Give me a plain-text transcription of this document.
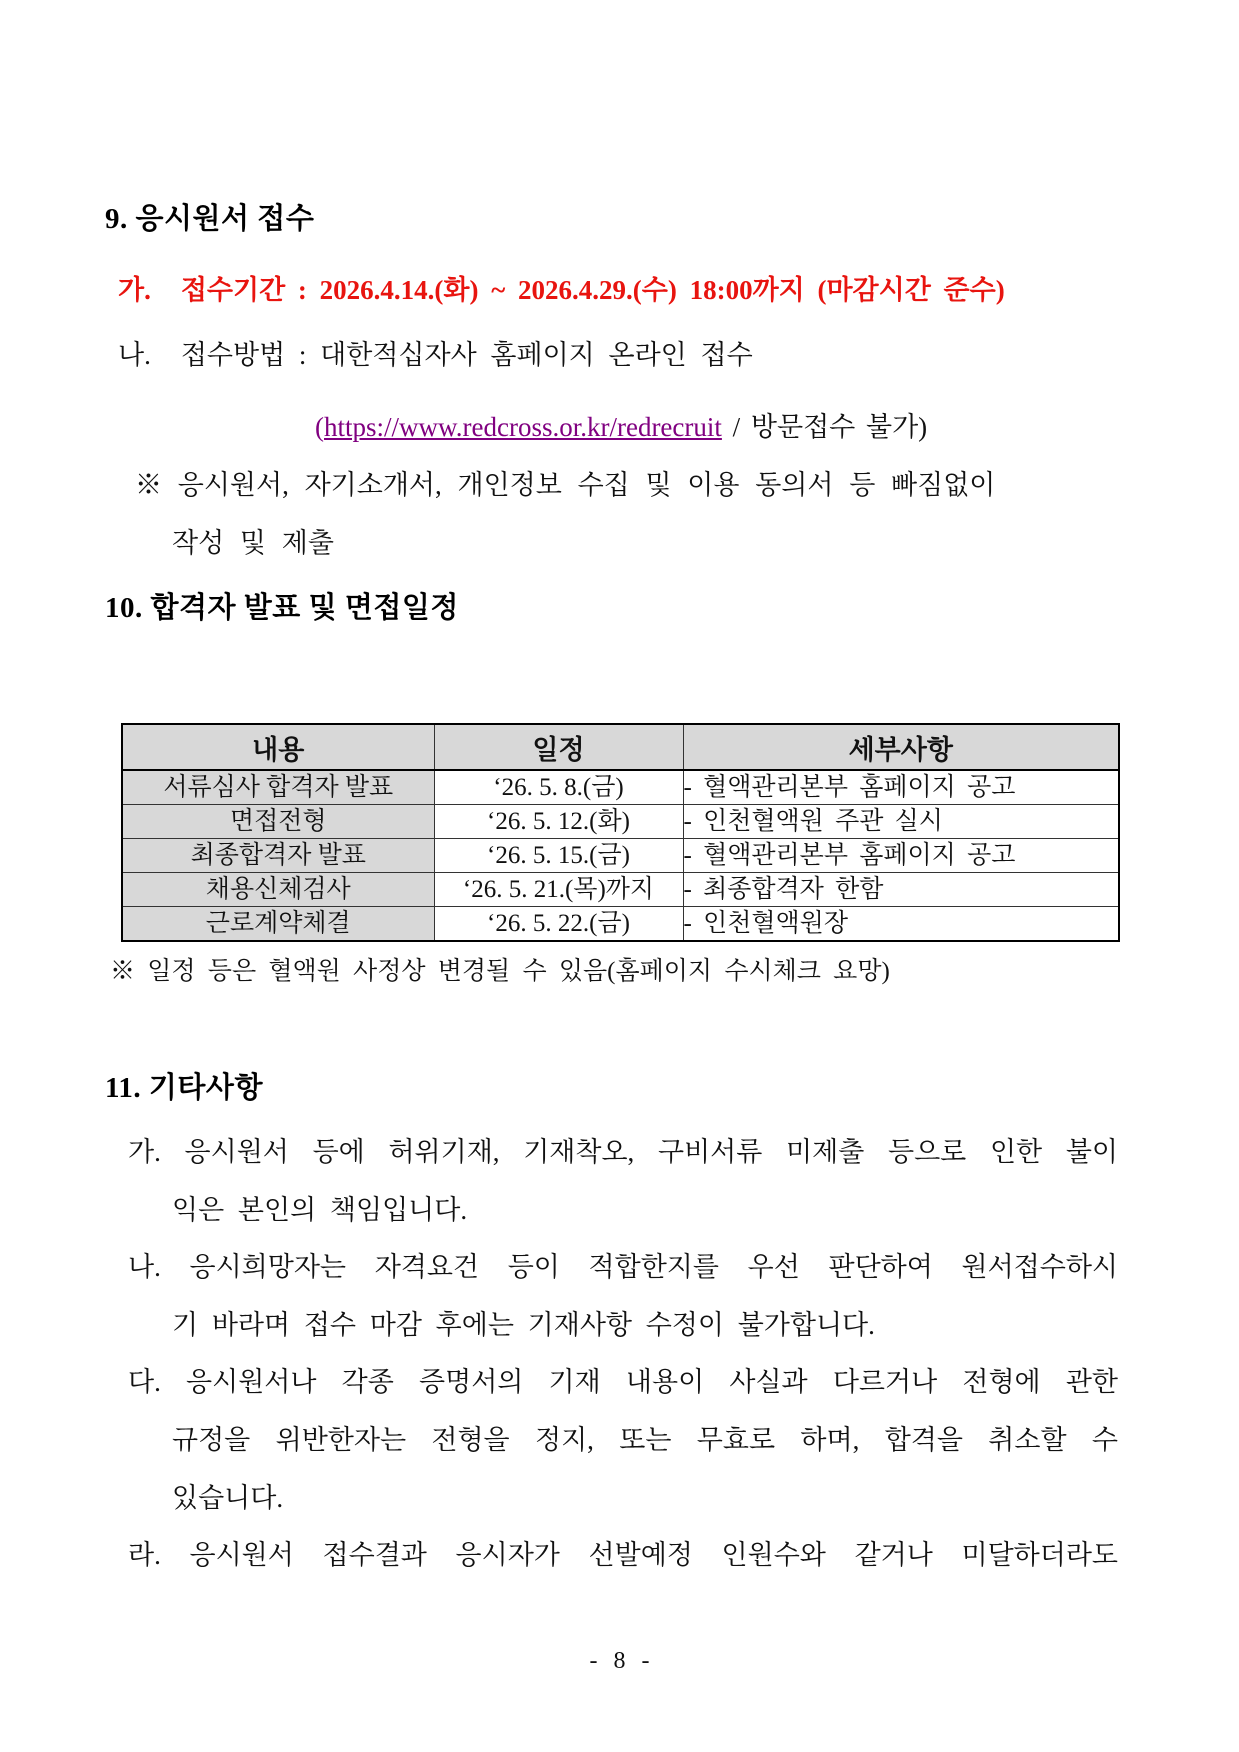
9. 응시원서 접수
가. 접수기간 : 2026.4.14.(화) ~ 2026.4.29.(수) 18:00까지 (마감시간 준수)
나. 접수방법 : 대한적십자사 홈페이지 온라인 접수
(https://www.redcross.or.kr/redrecruit / 방문접수 불가)
※ 응시원서, 자기소개서, 개인정보 수집 및 이용 동의서 등 빠짐없이
작성 및 제출
10. 합격자 발표 및 면접일정
내용	일정	세부사항
서류심사 합격자 발표	‘26. 5. 8.(금)	- 혈액관리본부 홈페이지 공고
면접전형	‘26. 5. 12.(화)	- 인천혈액원 주관 실시
최종합격자 발표	‘26. 5. 15.(금)	- 혈액관리본부 홈페이지 공고
채용신체검사	‘26. 5. 21.(목)까지	- 최종합격자 한함
근로계약체결	‘26. 5. 22.(금)	- 인천혈액원장
※ 일정 등은 혈액원 사정상 변경될 수 있음(홈페이지 수시체크 요망)
11. 기타사항
가. 응시원서 등에 허위기재, 기재착오, 구비서류 미제출 등으로 인한 불이
익은 본인의 책임입니다.
나. 응시희망자는 자격요건 등이 적합한지를 우선 판단하여 원서접수하시
기 바라며 접수 마감 후에는 기재사항 수정이 불가합니다.
다. 응시원서나 각종 증명서의 기재 내용이 사실과 다르거나 전형에 관한
규정을 위반한자는 전형을 정지, 또는 무효로 하며, 합격을 취소할 수
있습니다.
라. 응시원서 접수결과 응시자가 선발예정 인원수와 같거나 미달하더라도
- 8 -
